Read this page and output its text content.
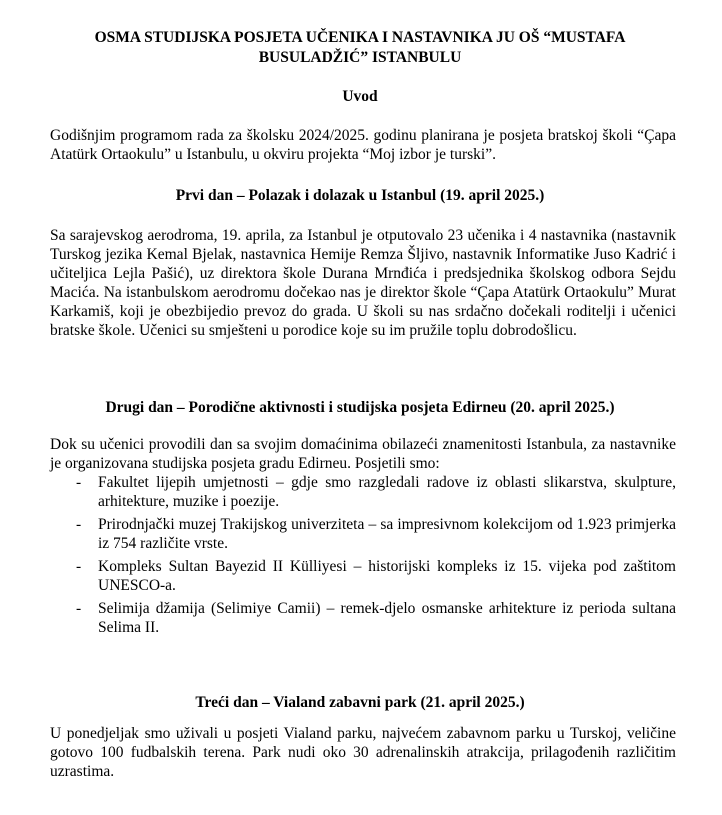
OSMA STUDIJSKA POSJETA UČENIKA I NASTAVNIKA JU OŠ “MUSTAFA BUSULADŽIĆ” ISTANBULU
Uvod

Godišnjim programom rada za školsku 2024/2025. godinu planirana je posjeta bratskoj školi “Çapa Atatürk Ortaokulu” u Istanbulu, u okviru projekta “Moj izbor je turski”.

Prvi dan – Polazak i dolazak u Istanbul (19. april 2025.)

Sa sarajevskog aerodroma, 19. aprila, za Istanbul je otputovalo 23 učenika i 4 nastavnika (nastavnik Turskog jezika Kemal Bjelak, nastavnica Hemije Remza Šljivo, nastavnik Informatike Juso Kadrić i učiteljica Lejla Pašić), uz direktora škole Durana Mrnđića i predsjednika školskog odbora Sejdu Macića. Na istanbulskom aerodromu dočekao nas je direktor škole “Çapa Atatürk Ortaokulu” Murat Karkamiš, koji je obezbijedio prevoz do grada. U školi su nas srdačno dočekali roditelji i učenici bratske škole. Učenici su smješteni u porodice koje su im pružile toplu dobrodošlicu.

Drugi dan – Porodične aktivnosti i studijska posjeta Edirneu (20. april 2025.)

Dok su učenici provodili dan sa svojim domaćinima obilazeći znamenitosti Istanbula, za nastavnike je organizovana studijska posjeta gradu Edirneu. Posjetili smo:

- Fakultet lijepih umjetnosti – gdje smo razgledali radove iz oblasti slikarstva, skulpture, arhitekture, muzike i poezije.
- Prirodnjački muzej Trakijskog univerziteta – sa impresivnom kolekcijom od 1.923 primjerka iz 754 različite vrste.
- Kompleks Sultan Bayezid II Külliyesi – historijski kompleks iz 15. vijeka pod zaštitom UNESCO-a.
- Selimija džamija (Selimiye Camii) – remek-djelo osmanske arhitekture iz perioda sultana Selima II.
Treći dan – Vialand zabavni park (21. april 2025.)

U ponedjeljak smo uživali u posjeti Vialand parku, najvećem zabavnom parku u Turskoj, veličine gotovo 100 fudbalskih terena. Park nudi oko 30 adrenalinskih atrakcija, prilagođenih različitim uzrastima.
